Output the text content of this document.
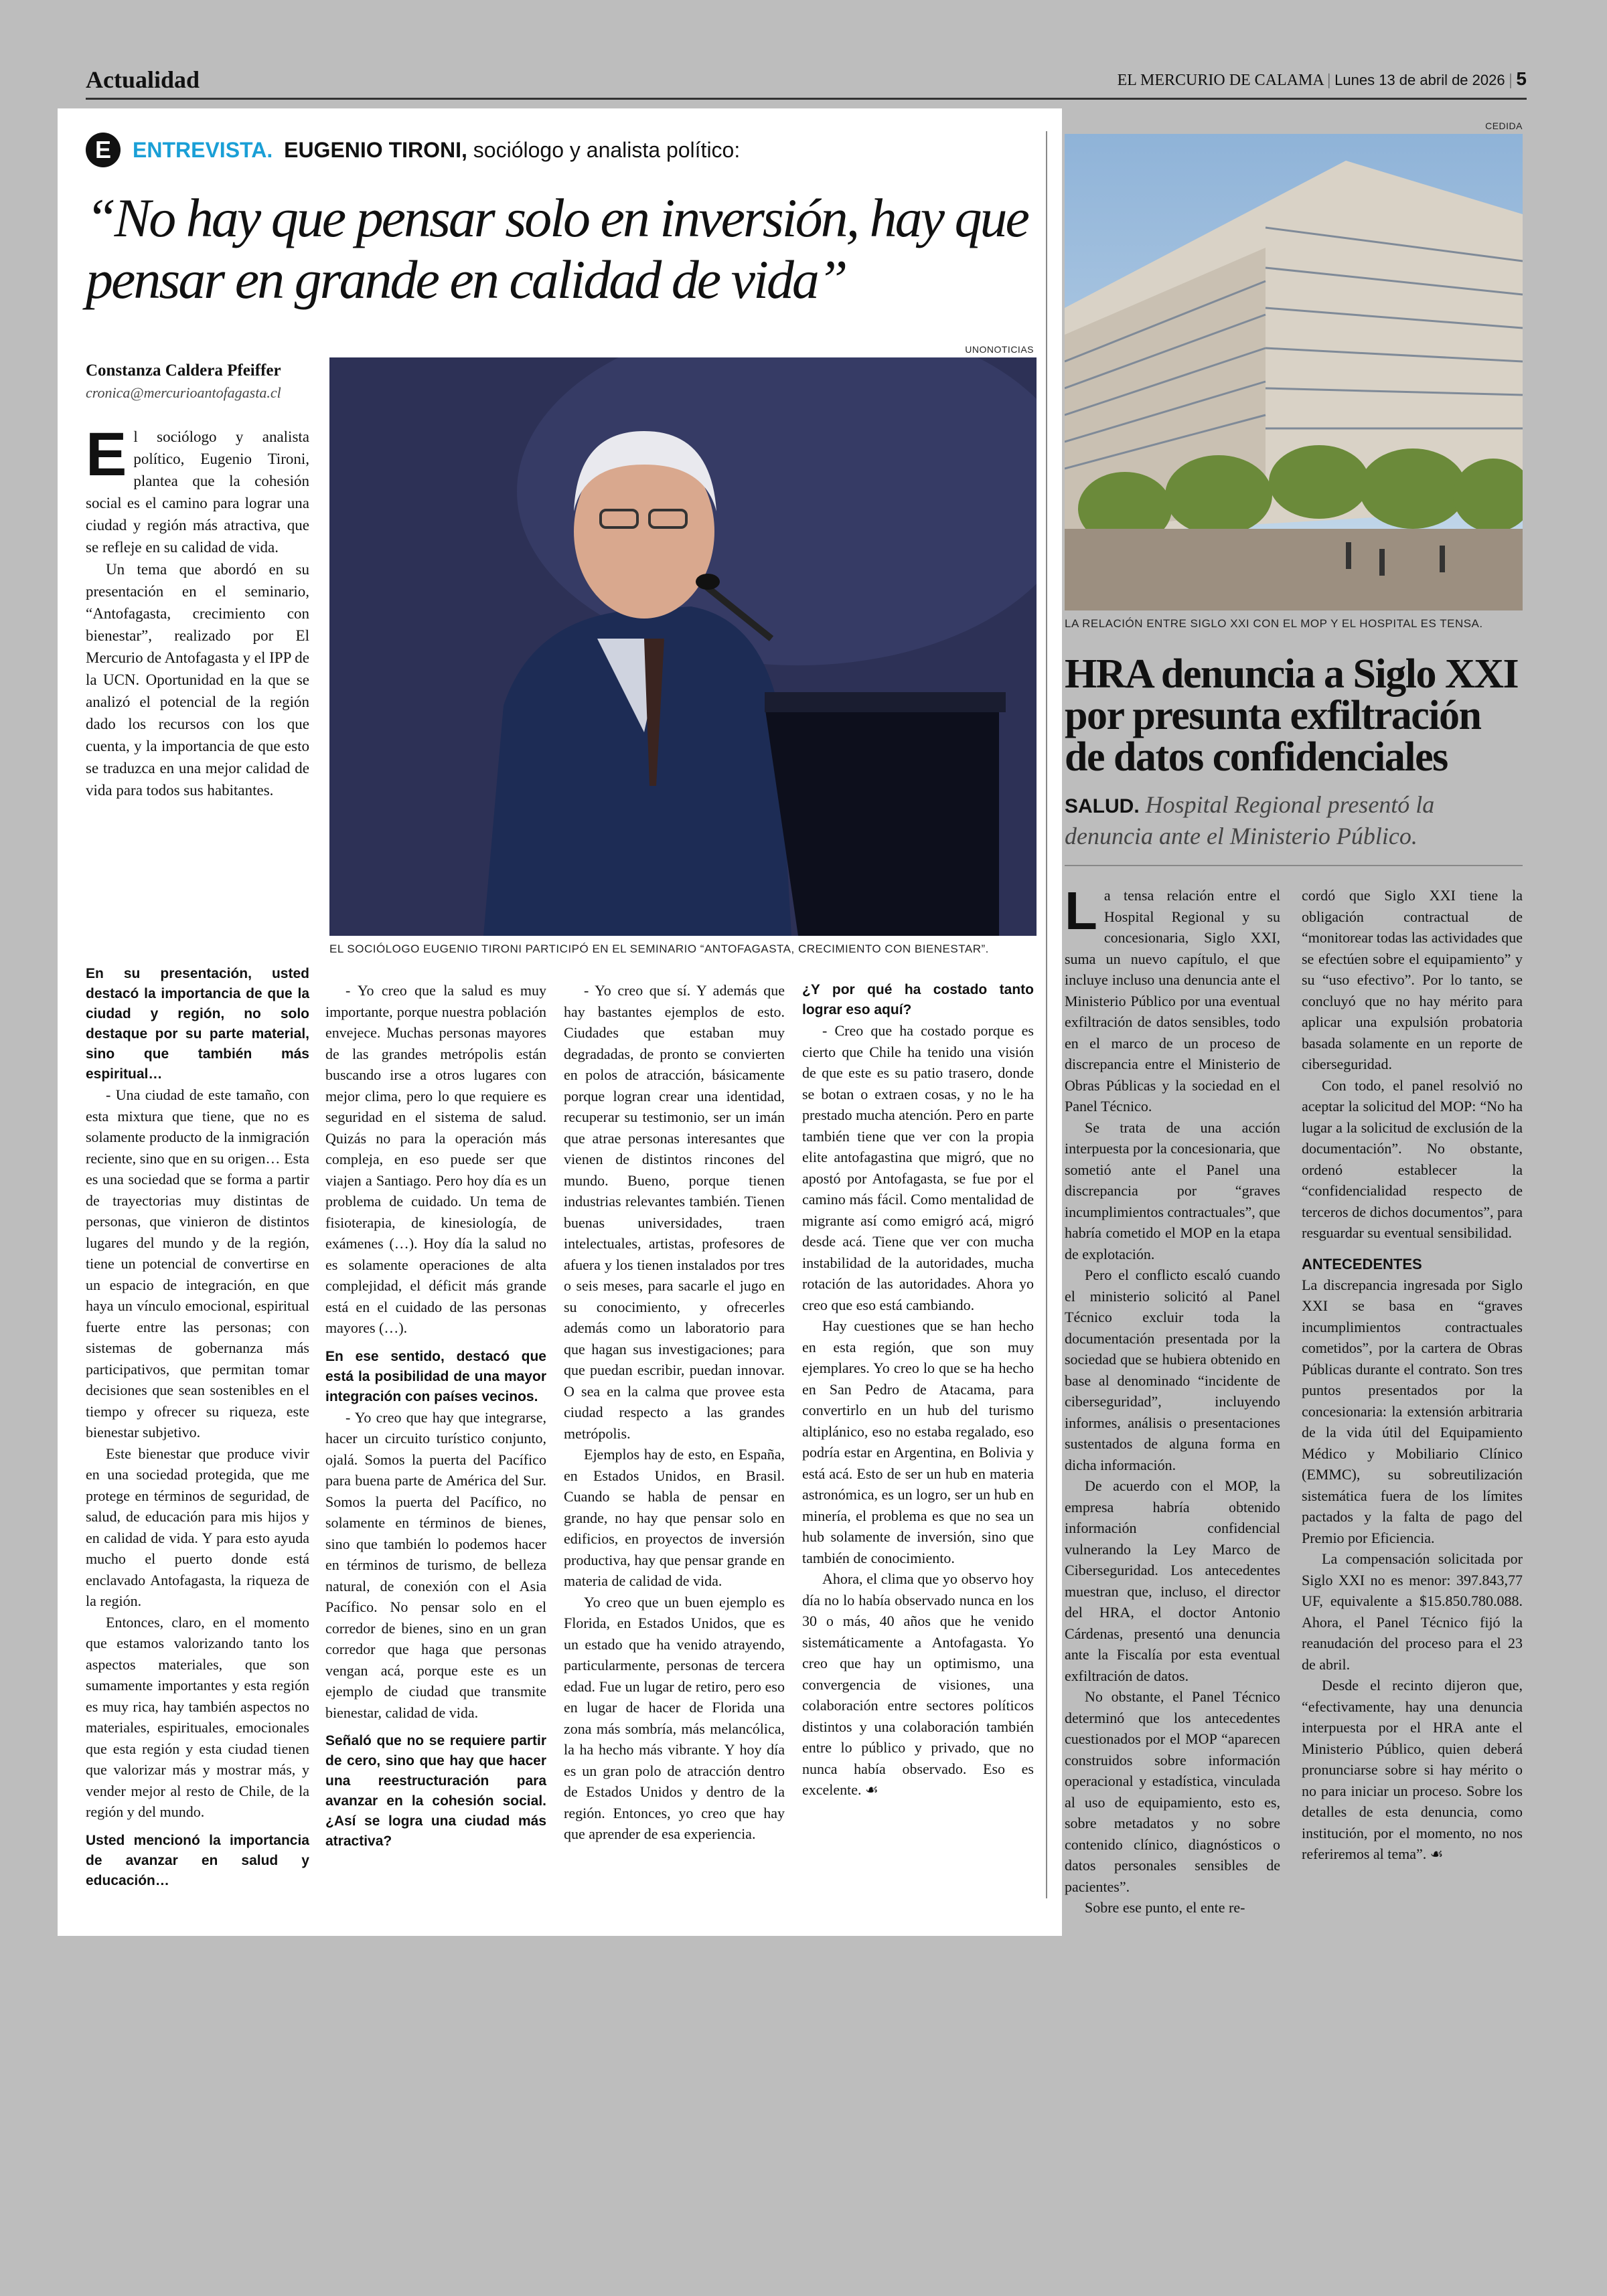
Actualidad	EL MERCURIO DE CALAMA | Lunes 13 de abril de 2026 | 5
E	ENTREVISTA. EUGENIO TIRONI, sociólogo y analista político:
“No hay que pensar solo en inversión, hay que pensar en grande en calidad de vida”
Constanza Caldera Pfeiffer
cronica@mercurioantofagasta.cl
UNONOTICIAS
EL SOCIÓLOGO EUGENIO TIRONI PARTICIPÓ EN EL SEMINARIO “ANTOFAGASTA, CRECIMIENTO CON BIENESTAR”.

El sociólogo y analista político, Eugenio Tironi, plantea que la cohesión social es el camino para lograr una ciudad y región más atractiva, que se refleje en su calidad de vida.

Un tema que abordó en su presentación en el seminario, “Antofagasta, crecimiento con bienestar”, realizado por El Mercurio de Antofagasta y el IPP de la UCN. Oportunidad en la que se analizó el potencial de la región dado los recursos con los que cuenta, y la importancia de que esto se traduzca en una mejor calidad de vida para todos sus habitantes.

En su presentación, usted destacó la importancia de que la ciudad y región, no solo destaque por su parte material, sino que también más espiritual…

- Una ciudad de este tamaño, con esta mixtura que tiene, que no es solamente producto de la inmigración reciente, sino que en su origen… Esta es una sociedad que se forma a partir de trayectorias muy distintas de personas, que vinieron de distintos lugares del mundo y de la región, tiene un potencial de convertirse en un espacio de integración, en que haya un vínculo emocional, espiritual fuerte entre las personas; con sistemas de gobernanza más participativos, que permitan tomar decisiones que sean sostenibles en el tiempo y ofrecer su riqueza, este bienestar subjetivo.

Este bienestar que produce vivir en una sociedad protegida, que me protege en términos de seguridad, de salud, de educación para mis hijos y en calidad de vida. Y para esto ayuda mucho el puerto donde está enclavado Antofagasta, la riqueza de la región.

Entonces, claro, en el momento que estamos valorizando tanto los aspectos materiales, que son sumamente importantes y esta región es muy rica, hay también aspectos no materiales, espirituales, emocionales que esta región y esta ciudad tienen que valorizar más y mostrar más, y vender mejor al resto de Chile, de la región y del mundo.

Usted mencionó la importancia de avanzar en salud y educación…

- Yo creo que la salud es muy importante, porque nuestra población envejece. Muchas personas mayores de las grandes metrópolis están buscando irse a otros lugares con mejor clima, pero lo que requiere es seguridad en el sistema de salud. Quizás no para la operación más compleja, en eso puede ser que viajen a Santiago. Pero hoy día es un problema de cuidado. Un tema de fisioterapia, de kinesiología, de exámenes (…). Hoy día la salud no es solamente operaciones de alta complejidad, el déficit más grande está en el cuidado de las personas mayores (…).

En ese sentido, destacó que está la posibilidad de una mayor integración con países vecinos.

- Yo creo que hay que integrarse, hacer un circuito turístico conjunto, ojalá. Somos la puerta del Pacífico para buena parte de América del Sur. Somos la puerta del Pacífico, no solamente en términos de bienes, sino que también lo podemos hacer en términos de turismo, de belleza natural, de conexión con el Asia Pacífico. No pensar solo en el corredor de bienes, sino en un gran corredor que haga que personas vengan acá, porque este es un ejemplo de ciudad que transmite bienestar, calidad de vida.

Señaló que no se requiere partir de cero, sino que hay que hacer una reestructuración para avanzar en la cohesión social. ¿Así se logra una ciudad más atractiva?

- Yo creo que sí. Y además que hay bastantes ejemplos de esto. Ciudades que estaban muy degradadas, de pronto se convierten en polos de atracción, básicamente porque logran crear una identidad, recuperar su testimonio, ser un imán que atrae personas interesantes que vienen de distintos rincones del mundo. Bueno, porque tienen industrias relevantes también. Tienen buenas universidades, traen intelectuales, artistas, profesores de afuera y los tienen instalados por tres o seis meses, para sacarle el jugo en su conocimiento, y ofrecerles además como un laboratorio para que hagan sus investigaciones; para que puedan escribir, puedan innovar. O sea en la calma que provee esta ciudad respecto a las grandes metrópolis.

Ejemplos hay de esto, en España, en Estados Unidos, en Brasil. Cuando se habla de pensar en grande, no hay que pensar solo en edificios, en proyectos de inversión productiva, hay que pensar grande en materia de calidad de vida.

Yo creo que un buen ejemplo es Florida, en Estados Unidos, que es un estado que ha venido atrayendo, particularmente, personas de tercera edad. Fue un lugar de retiro, pero eso en lugar de hacer de Florida una zona más sombría, más melancólica, la ha hecho más vibrante. Y hoy día es un gran polo de atracción dentro de Estados Unidos y dentro de la región. Entonces, yo creo que hay que aprender de esa experiencia.

¿Y por qué ha costado tanto lograr eso aquí?

- Creo que ha costado porque es cierto que Chile ha tenido una visión de que este es su patio trasero, donde se botan o extraen cosas, y no le ha prestado mucha atención. Pero en parte también tiene que ver con la propia elite antofagastina que migró, que no apostó por Antofagasta, se fue por el camino más fácil. Como mentalidad de migrante así como emigró acá, migró desde acá. Tiene que ver con mucha instabilidad de la autoridades, mucha rotación de las autoridades. Ahora yo creo que eso está cambiando.

Hay cuestiones que se han hecho en esta región, que son muy ejemplares. Yo creo lo que se ha hecho en San Pedro de Atacama, para convertirlo en un hub del turismo altiplánico, eso no estaba regalado, eso podría estar en Argentina, en Bolivia y está acá. Esto de ser un hub en materia astronómica, es un logro, ser un hub en minería, el problema es que no sea un hub solamente de inversión, sino que también de conocimiento.

Ahora, el clima que yo observo hoy día no lo había observado nunca en los 30 o más, 40 años que he venido sistemáticamente a Antofagasta. Yo creo que hay un optimismo, una convergencia de visiones, una colaboración entre sectores políticos distintos y una colaboración también entre lo público y privado, que no nunca había observado. Eso es excelente. ☙

CEDIDA
LA RELACIÓN ENTRE SIGLO XXI CON EL MOP Y EL HOSPITAL ES TENSA.
HRA denuncia a Siglo XXI por presunta exfiltración de datos confidenciales
SALUD. Hospital Regional presentó la denuncia ante el Ministerio Público.

La tensa relación entre el Hospital Regional y su concesionaria, Siglo XXI, suma un nuevo capítulo, el que incluye incluso una denuncia ante el Ministerio Público por una eventual exfiltración de datos sensibles, todo en el marco de un proceso de discrepancia entre el Ministerio de Obras Públicas y la sociedad en el Panel Técnico.

Se trata de una acción interpuesta por la concesionaria, que sometió ante el Panel una discrepancia por “graves incumplimientos contractuales”, que habría cometido el MOP en la etapa de explotación.

Pero el conflicto escaló cuando el ministerio solicitó al Panel Técnico excluir toda la documentación presentada por la sociedad que se hubiera obtenido en base al denominado “incidente de ciberseguridad”, incluyendo informes, análisis o presentaciones sustentados de alguna forma en dicha información.

De acuerdo con el MOP, la empresa habría obtenido información confidencial vulnerando la Ley Marco de Ciberseguridad. Los antecedentes muestran que, incluso, el director del HRA, el doctor Antonio Cárdenas, presentó una denuncia ante la Fiscalía por esta eventual exfiltración de datos.

No obstante, el Panel Técnico determinó que los antecedentes cuestionados por el MOP “aparecen construidos sobre información operacional y estadística, vinculada al uso de equipamiento, esto es, sobre metadatos y no sobre contenido clínico, diagnósticos o datos personales sensibles de pacientes”.

Sobre ese punto, el ente re-

cordó que Siglo XXI tiene la obligación contractual de “monitorear todas las actividades que se efectúen sobre el equipamiento” y su “uso efectivo”. Por lo tanto, se concluyó que no hay mérito para aplicar una expulsión probatoria basada solamente en un reporte de ciberseguridad.

Con todo, el panel resolvió no aceptar la solicitud del MOP: “No ha lugar a la solicitud de exclusión de la documentación”. No obstante, ordenó establecer la “confidencialidad respecto de terceros de dichos documentos”, para resguardar su eventual sensibilidad.

ANTECEDENTES

La discrepancia ingresada por Siglo XXI se basa en “graves incumplimientos contractuales cometidos”, por la cartera de Obras Públicas durante el contrato. Son tres puntos presentados por la concesionaria: la extensión arbitraria de la vida útil del Equipamiento Médico y Mobiliario Clínico (EMMC), su sobreutilización sistemática fuera de los límites pactados y la falta de pago del Premio por Eficiencia.

La compensación solicitada por Siglo XXI no es menor: 397.843,77 UF, equivalente a $15.850.780.088. Ahora, el Panel Técnico fijó la reanudación del proceso para el 23 de abril.

Desde el recinto dijeron que, “efectivamente, hay una denuncia interpuesta por el HRA ante el Ministerio Público, quien deberá pronunciarse sobre si hay mérito o no para iniciar un proceso. Sobre los detalles de esta denuncia, como institución, por el momento, no nos referiremos al tema”. ☙
